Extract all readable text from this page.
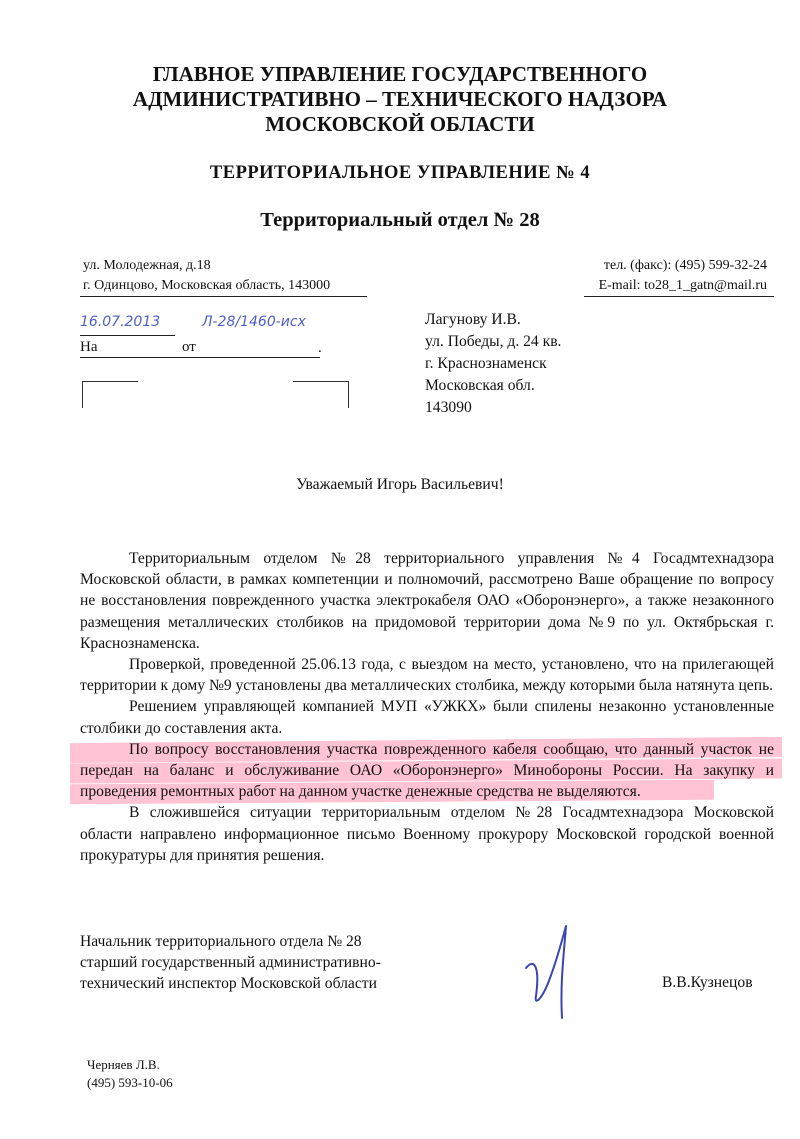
ГЛАВНОЕ УПРАВЛЕНИЕ ГОСУДАРСТВЕННОГО
АДМИНИСТРАТИВНО – ТЕХНИЧЕСКОГО НАДЗОРА
МОСКОВСКОЙ ОБЛАСТИ
ТЕРРИТОРИАЛЬНОЕ УПРАВЛЕНИЕ № 4
Территориальный отдел № 28
ул. Молодежная, д.18
г. Одинцово, Московская область, 143000
тел. (факс): (495) 599-32-24
E-mail: to28_1_gatn@mail.ru
16.07.2013	Л-28/1460-исх
На	от	.
Лагунову И.В.
ул. Победы, д. 24 кв.
г. Краснознаменск
Московская обл.
143090
Уважаемый Игорь Васильевич!

Территориальным отделом №28 территориального управления №4 Госадмтехнадзора Московской области, в рамках компетенции и полномочий, рассмотрено Ваше обращение по вопросу не восстановления поврежденного участка электрокабеля ОАО «Оборонэнерго», а также незаконного размещения металлических столбиков на придомовой территории дома №9 по ул. Октябрьская г. Краснознаменска.

Проверкой, проведенной 25.06.13 года, с выездом на место, установлено, что на прилегающей территории к дому №9 установлены два металлических столбика, между которыми была натянута цепь.

Решением управляющей компанией МУП «УЖКХ» были спилены незаконно установленные столбики до составления акта.

По вопросу восстановления участка поврежденного кабеля сообщаю, что данный участок не передан на баланс и обслуживание ОАО «Оборонэнерго» Минобороны России. На закупку и проведения ремонтных работ на данном участке денежные средства не выделяются.

В сложившейся ситуации территориальным отделом №28 Госадмтехнадзора Московской области направлено информационное письмо Военному прокурору Московской городской военной прокуратуры для принятия решения.

Начальник территориального отдела № 28
старший государственный административно-
технический инспектор Московской области	В.В.Кузнецов
Черняев Л.В.
(495) 593-10-06
